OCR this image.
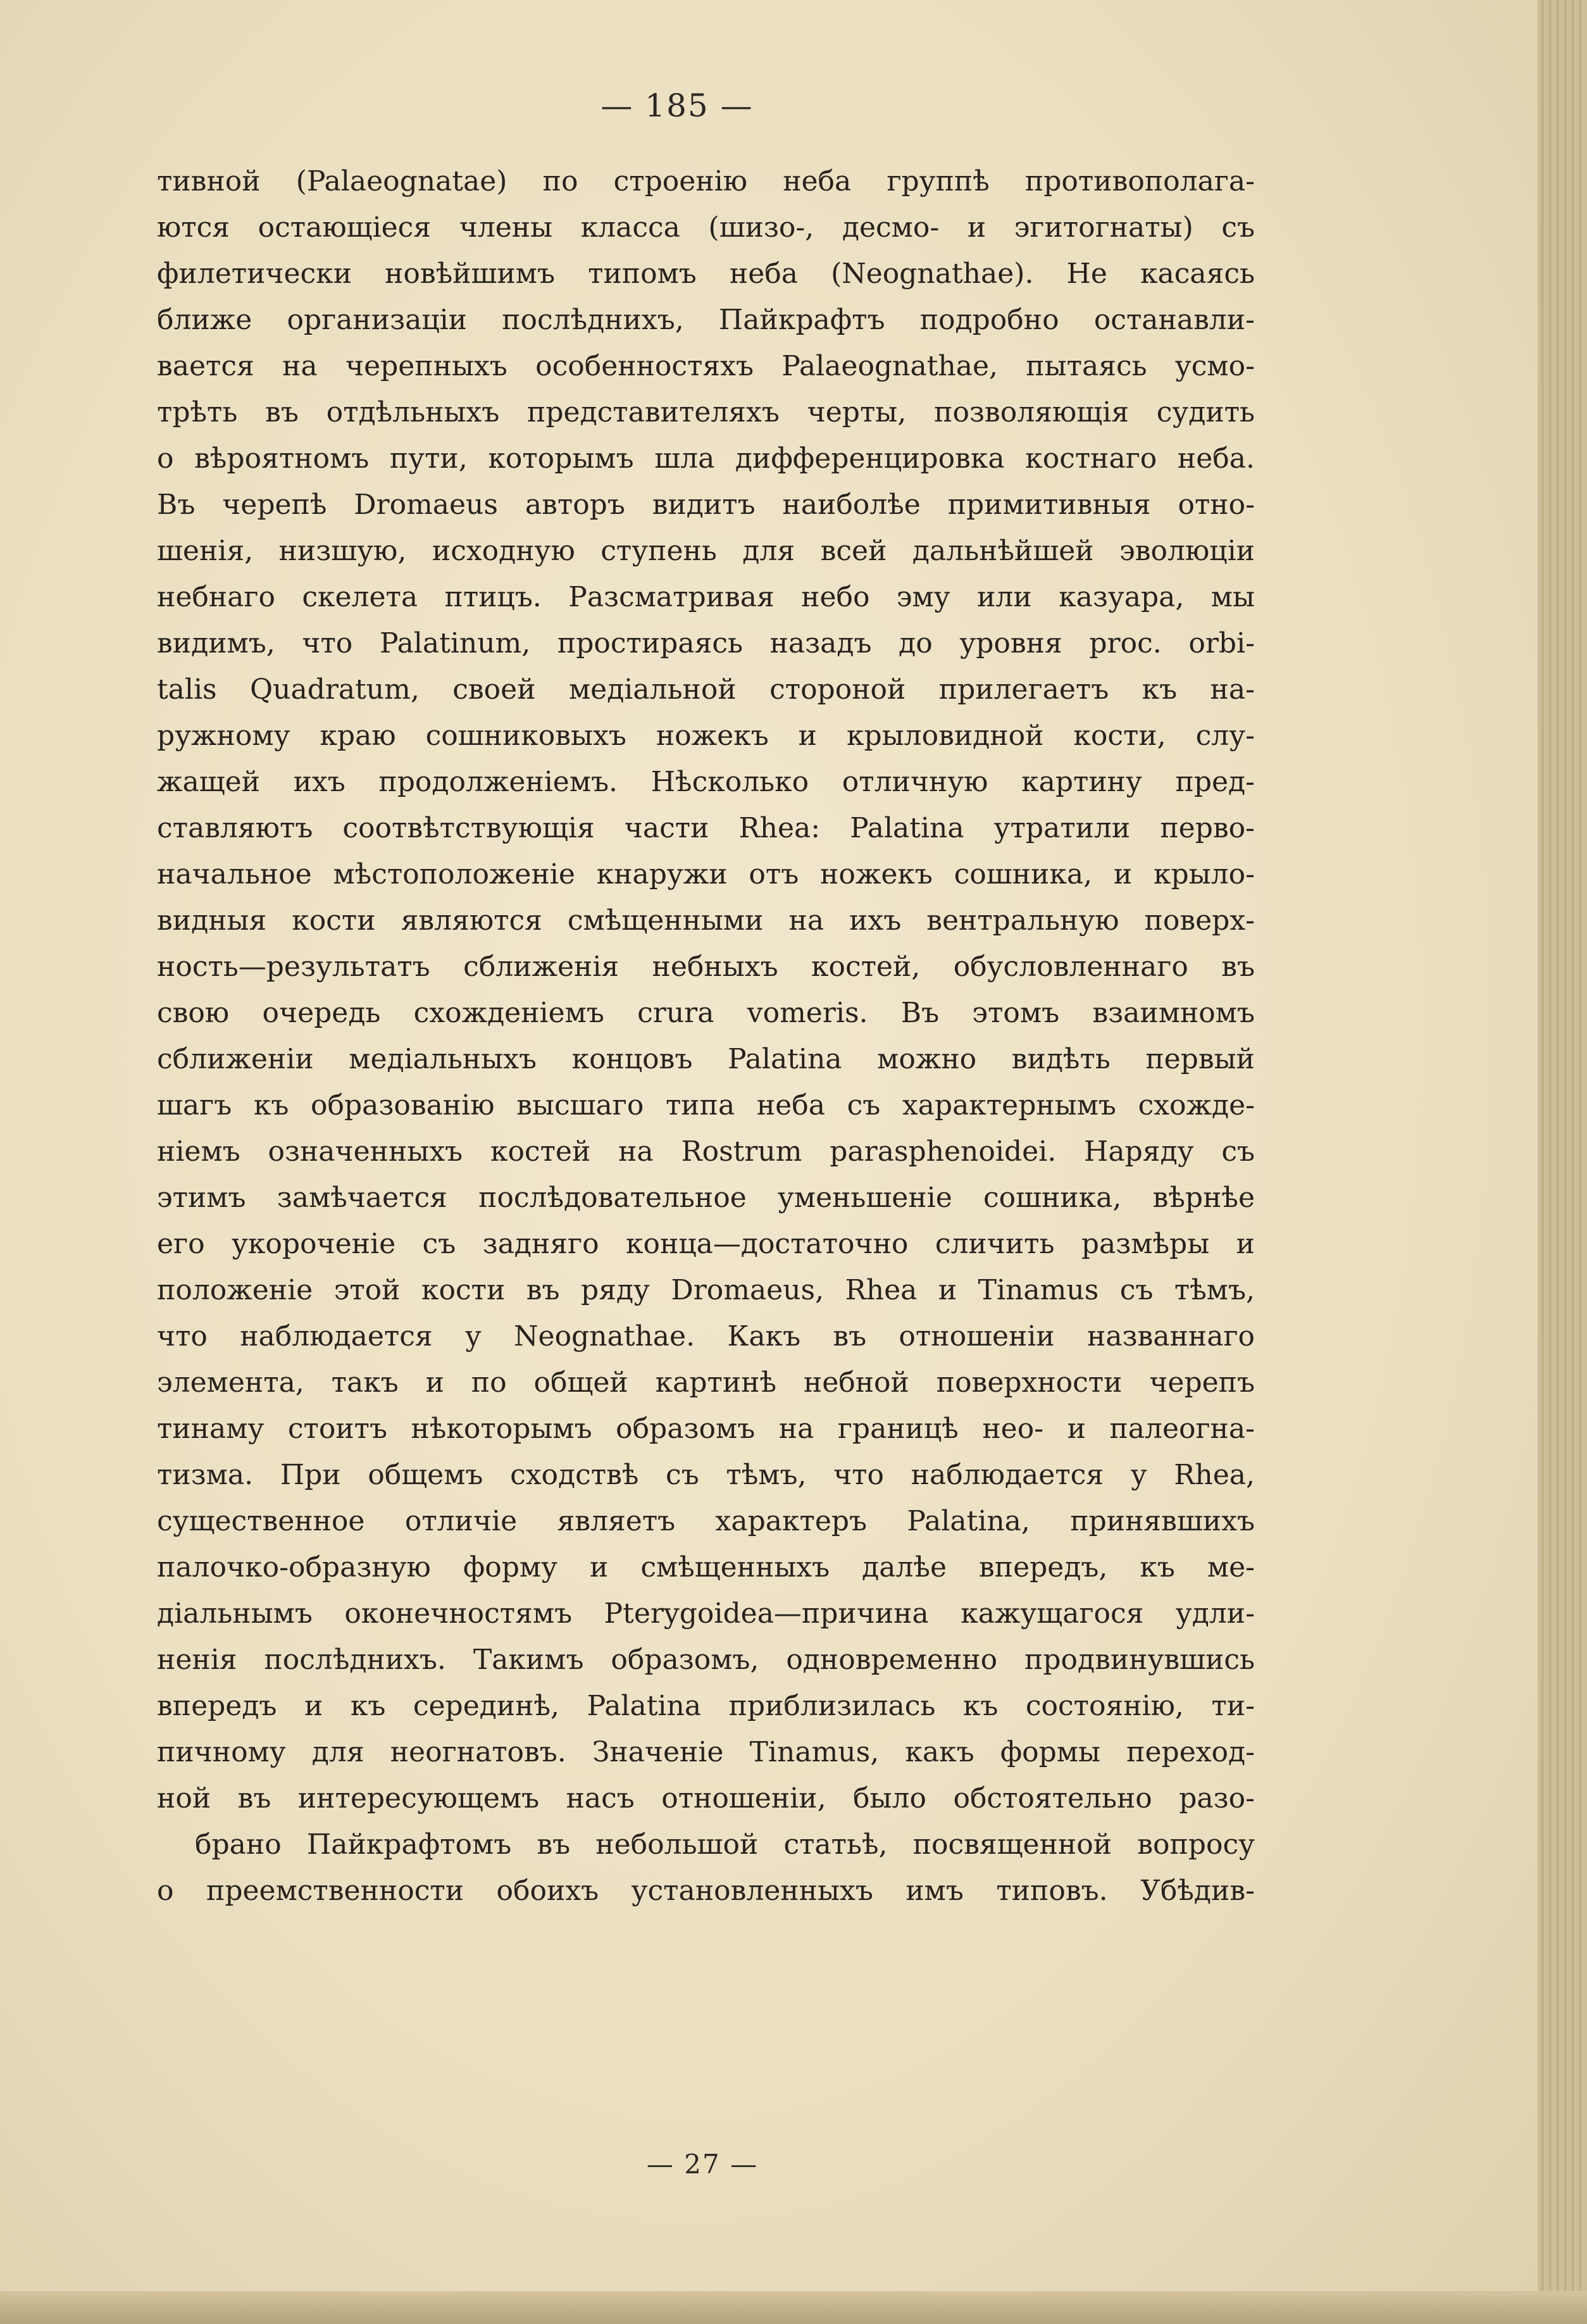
— 185 —
тивной (Palaeognatae) по строенію неба группѣ противополага-
ются остающіеся члены класса (шизо-, десмо- и эгитогнаты) съ
филетически новѣйшимъ типомъ неба (Neognathae). Не касаясь
ближе организаціи послѣднихъ, Пайкрафтъ подробно останавли-
вается на черепныхъ особенностяхъ Palaeognathae, пытаясь усмо-
трѣть въ отдѣльныхъ представителяхъ черты, позволяющія судить
о вѣроятномъ пути, которымъ шла дифференцировка костнаго неба.
Въ черепѣ Dromaeus авторъ видитъ наиболѣе примитивныя отно-
шенія, низшую, исходную ступень для всей дальнѣйшей эволюціи
небнаго скелета птицъ. Разсматривая небо эму или казуара, мы
видимъ, что Palatinum, простираясь назадъ до уровня proc. orbi-
talis Quadratum, своей медіальной стороной прилегаетъ къ на-
ружному краю сошниковыхъ ножекъ и крыловидной кости, слу-
жащей ихъ продолженіемъ. Нѣсколько отличную картину пред-
ставляютъ соотвѣтствующія части Rhea: Palatina утратили перво-
начальное мѣстоположеніе кнаружи отъ ножекъ сошника, и крыло-
видныя кости являются смѣщенными на ихъ вентральную поверх-
ность—результатъ сближенія небныхъ костей, обусловленнаго въ
свою очередь схожденіемъ crura vomeris. Въ этомъ взаимномъ
сближеніи медіальныхъ концовъ Palatina можно видѣть первый
шагъ къ образованію высшаго типа неба съ характернымъ схожде-
ніемъ означенныхъ костей на Rostrum parasphenoidei. Наряду съ
этимъ замѣчается послѣдовательное уменьшеніе сошника, вѣрнѣе
его укороченіе съ задняго конца—достаточно сличить размѣры и
положеніе этой кости въ ряду Dromaeus, Rhea и Tinamus съ тѣмъ,
что наблюдается у Neognathae. Какъ въ отношеніи названнаго
элемента, такъ и по общей картинѣ небной поверхности черепъ
тинаму стоитъ нѣкоторымъ образомъ на границѣ нео- и палеогна-
тизма. При общемъ сходствѣ съ тѣмъ, что наблюдается у Rhea,
существенное отличіе являетъ характеръ Palatina, принявшихъ
палочко-образную форму и смѣщенныхъ далѣе впередъ, къ ме-
діальнымъ оконечностямъ Pterygoidea—причина кажущагося удли-
ненія послѣднихъ. Такимъ образомъ, одновременно продвинувшись
впередъ и къ серединѣ, Palatina приблизилась къ состоянію, ти-
пичному для неогнатовъ. Значеніе Tinamus, какъ формы переход-
ной въ интересующемъ насъ отношеніи, было обстоятельно разо-
брано Пайкрафтомъ въ небольшой статьѣ, посвященной вопросу
о преемственности обоихъ установленныхъ имъ типовъ. Убѣдив-
— 27 —
